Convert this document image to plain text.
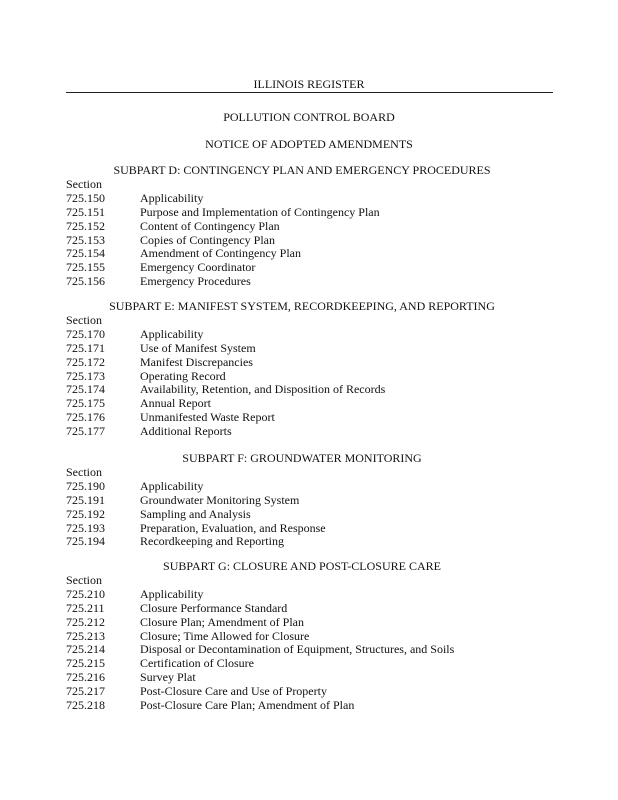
ILLINOIS REGISTER
POLLUTION CONTROL BOARD
NOTICE OF ADOPTED AMENDMENTS
SUBPART D: CONTINGENCY PLAN AND EMERGENCY PROCEDURES
Section
725.150	Applicability
725.151	Purpose and Implementation of Contingency Plan
725.152	Content of Contingency Plan
725.153	Copies of Contingency Plan
725.154	Amendment of Contingency Plan
725.155	Emergency Coordinator
725.156	Emergency Procedures
SUBPART E: MANIFEST SYSTEM, RECORDKEEPING, AND REPORTING
Section
725.170	Applicability
725.171	Use of Manifest System
725.172	Manifest Discrepancies
725.173	Operating Record
725.174	Availability, Retention, and Disposition of Records
725.175	Annual Report
725.176	Unmanifested Waste Report
725.177	Additional Reports
SUBPART F: GROUNDWATER MONITORING
Section
725.190	Applicability
725.191	Groundwater Monitoring System
725.192	Sampling and Analysis
725.193	Preparation, Evaluation, and Response
725.194	Recordkeeping and Reporting
SUBPART G: CLOSURE AND POST-CLOSURE CARE
Section
725.210	Applicability
725.211	Closure Performance Standard
725.212	Closure Plan; Amendment of Plan
725.213	Closure; Time Allowed for Closure
725.214	Disposal or Decontamination of Equipment, Structures, and Soils
725.215	Certification of Closure
725.216	Survey Plat
725.217	Post-Closure Care and Use of Property
725.218	Post-Closure Care Plan; Amendment of Plan
